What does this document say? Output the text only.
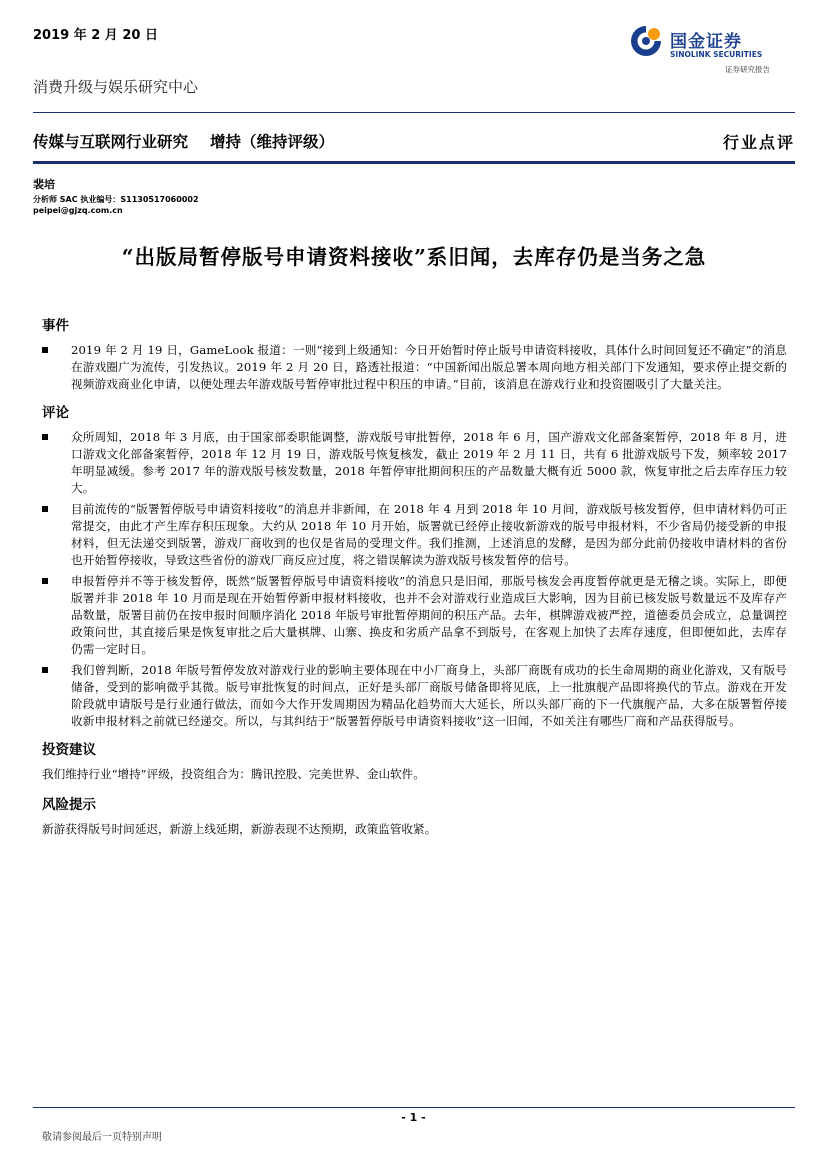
2019 年 2 月 20 日
消费升级与娱乐研究中心
国金证券
SINOLINK SECURITIES
证券研究报告
传媒与互联网行业研究 增持（维持评级）	行业点评
裴培
分析师 SAC 执业编号：S1130517060002
peipei@gjzq.com.cn
“出版局暂停版号申请资料接收”系旧闻，去库存仍是当务之急
事件

2019 年 2 月 19 日，GameLook 报道：一则“接到上级通知：今日开始暂时停止版号申请资料接收，具体什么时间回复还不确定”的消息在游戏圈广为流传，引发热议。2019 年 2 月 20 日，路透社报道：“中国新闻出版总署本周向地方相关部门下发通知，要求停止提交新的视频游戏商业化申请，以便处理去年游戏版号暂停审批过程中积压的申请。”目前，该消息在游戏行业和投资圈吸引了大量关注。

评论

众所周知，2018 年 3 月底，由于国家部委职能调整，游戏版号审批暂停，2018 年 6 月，国产游戏文化部备案暂停，2018 年 8 月，进口游戏文化部备案暂停，2018 年 12 月 19 日，游戏版号恢复核发，截止 2019 年 2 月 11 日，共有 6 批游戏版号下发，频率较 2017 年明显减缓。参考 2017 年的游戏版号核发数量，2018 年暂停审批期间积压的产品数量大概有近 5000 款，恢复审批之后去库存压力较大。

目前流传的“版署暂停版号申请资料接收”的消息并非新闻，在 2018 年 4 月到 2018 年 10 月间，游戏版号核发暂停，但申请材料仍可正常提交，由此才产生库存积压现象。大约从 2018 年 10 月开始，版署就已经停止接收新游戏的版号申报材料，不少省局仍接受新的申报材料，但无法递交到版署，游戏厂商收到的也仅是省局的受理文件。我们推测，上述消息的发酵，是因为部分此前仍接收申请材料的省份也开始暂停接收，导致这些省份的游戏厂商反应过度，将之错误解读为游戏版号核发暂停的信号。

申报暂停并不等于核发暂停，既然“版署暂停版号申请资料接收”的消息只是旧闻，那版号核发会再度暂停就更是无稽之谈。实际上，即便版署并非 2018 年 10 月而是现在开始暂停新申报材料接收，也并不会对游戏行业造成巨大影响，因为目前已核发版号数量远不及库存产品数量，版署目前仍在按申报时间顺序消化 2018 年版号审批暂停期间的积压产品。去年，棋牌游戏被严控，道德委员会成立，总量调控政策问世，其直接后果是恢复审批之后大量棋牌、山寨、换皮和劣质产品拿不到版号，在客观上加快了去库存速度，但即便如此，去库存仍需一定时日。

我们曾判断，2018 年版号暂停发放对游戏行业的影响主要体现在中小厂商身上，头部厂商既有成功的长生命周期的商业化游戏，又有版号储备，受到的影响微乎其微。版号审批恢复的时间点，正好是头部厂商版号储备即将见底，上一批旗舰产品即将换代的节点。游戏在开发阶段就申请版号是行业通行做法，而如今大作开发周期因为精品化趋势而大大延长，所以头部厂商的下一代旗舰产品，大多在版署暂停接收新申报材料之前就已经递交。所以，与其纠结于“版署暂停版号申请资料接收”这一旧闻，不如关注有哪些厂商和产品获得版号。

投资建议

我们维持行业“增持”评级，投资组合为：腾讯控股、完美世界、金山软件。

风险提示

新游获得版号时间延迟，新游上线延期，新游表现不达预期，政策监管收紧。

- 1 -
敬请参阅最后一页特别声明
